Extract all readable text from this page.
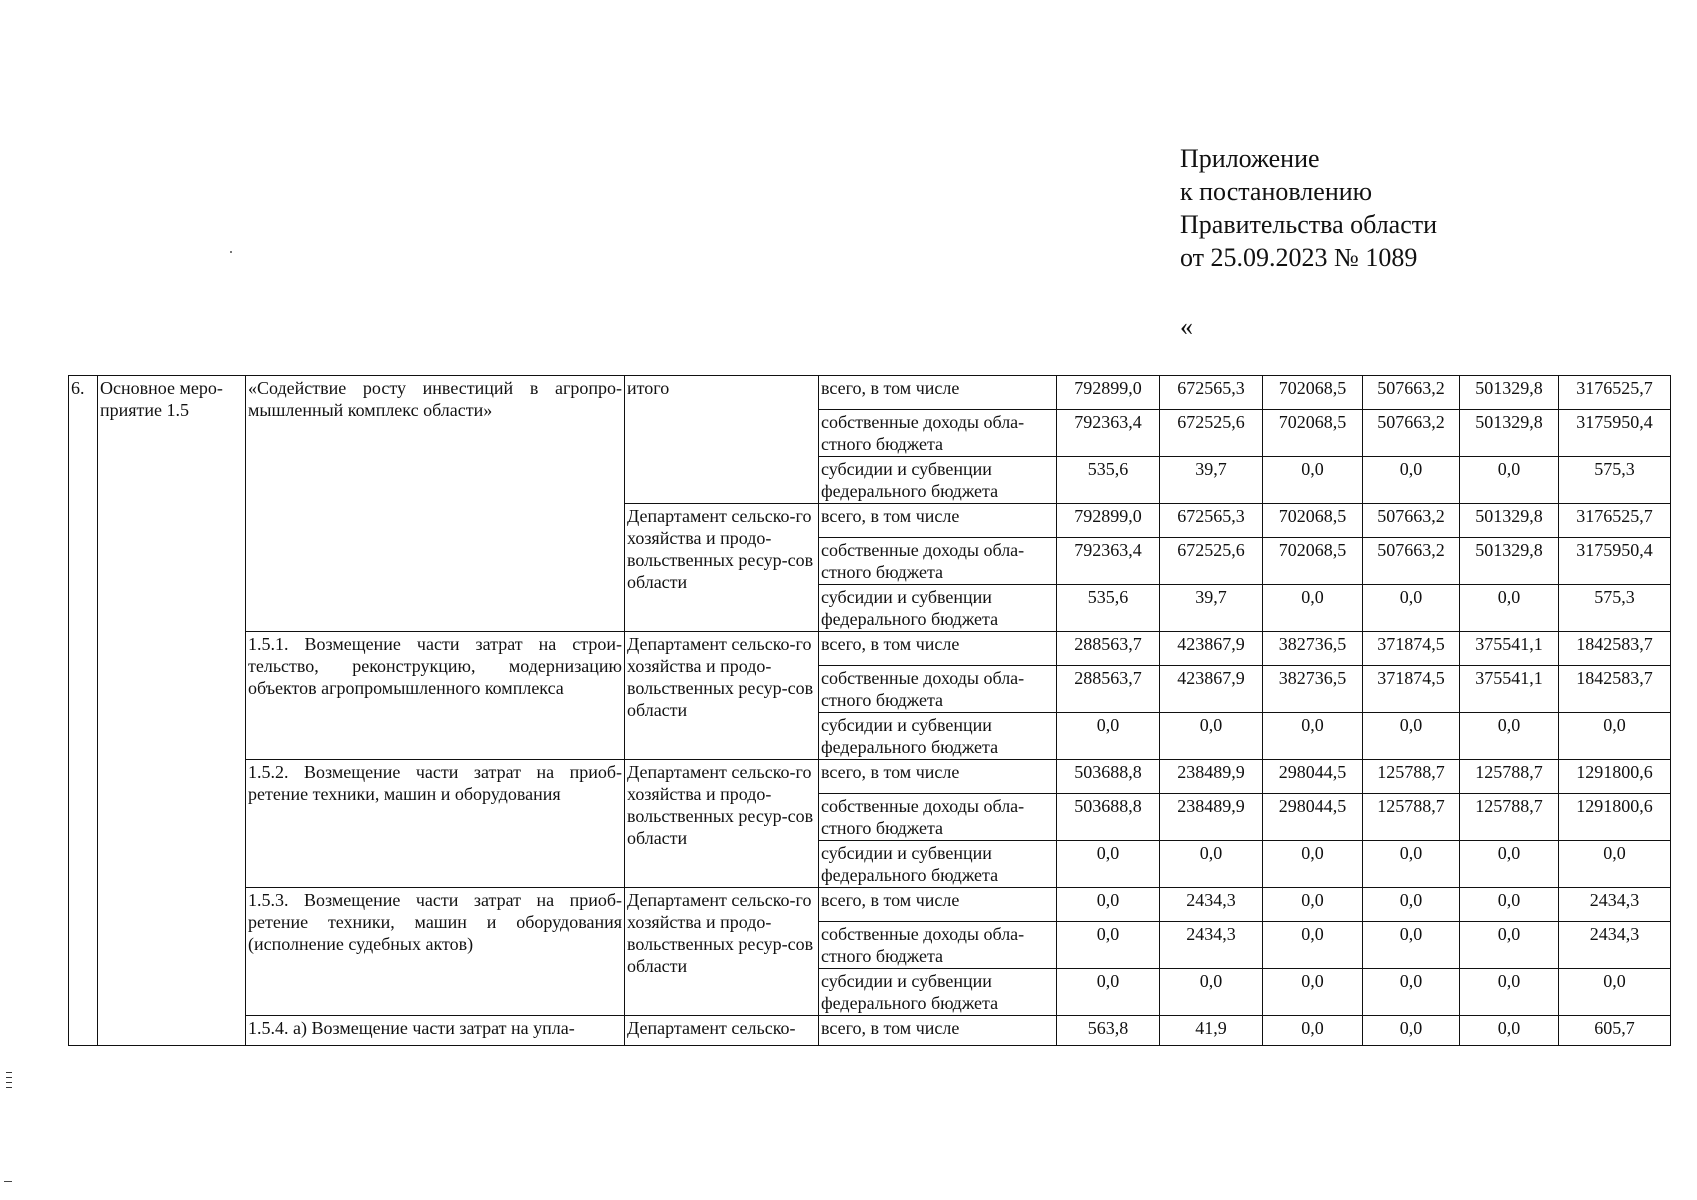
Приложение
к постановлению
Правительства области
от 25.09.2023 № 1089
«
6.	Основное меро-приятие 1.5	«Содействие росту инвестиций в агропро-мышленный комплекс области»	итого	всего, в том числе	792899,0	672565,3	702068,5	507663,2	501329,8	3176525,7
				собственные доходы обла-стного бюджета	792363,4	672525,6	702068,5	507663,2	501329,8	3175950,4
				субсидии и субвенции федерального бюджета	535,6	39,7	0,0	0,0	0,0	575,3
			Департамент сельско-го хозяйства и продо-вольственных ресур-сов области	всего, в том числе	792899,0	672565,3	702068,5	507663,2	501329,8	3176525,7
				собственные доходы обла-стного бюджета	792363,4	672525,6	702068,5	507663,2	501329,8	3175950,4
				субсидии и субвенции федерального бюджета	535,6	39,7	0,0	0,0	0,0	575,3
		1.5.1. Возмещение части затрат на строи-тельство, реконструкцию, модернизацию объектов агропромышленного комплекса	Департамент сельско-го хозяйства и продо-вольственных ресур-сов области	всего, в том числе	288563,7	423867,9	382736,5	371874,5	375541,1	1842583,7
				собственные доходы обла-стного бюджета	288563,7	423867,9	382736,5	371874,5	375541,1	1842583,7
				субсидии и субвенции федерального бюджета	0,0	0,0	0,0	0,0	0,0	0,0
		1.5.2. Возмещение части затрат на приоб-ретение техники, машин и оборудования	Департамент сельско-го хозяйства и продо-вольственных ресур-сов области	всего, в том числе	503688,8	238489,9	298044,5	125788,7	125788,7	1291800,6
				собственные доходы обла-стного бюджета	503688,8	238489,9	298044,5	125788,7	125788,7	1291800,6
				субсидии и субвенции федерального бюджета	0,0	0,0	0,0	0,0	0,0	0,0
		1.5.3. Возмещение части затрат на приоб-ретение техники, машин и оборудования (исполнение судебных актов)	Департамент сельско-го хозяйства и продо-вольственных ресур-сов области	всего, в том числе	0,0	2434,3	0,0	0,0	0,0	2434,3
				собственные доходы обла-стного бюджета	0,0	2434,3	0,0	0,0	0,0	2434,3
				субсидии и субвенции федерального бюджета	0,0	0,0	0,0	0,0	0,0	0,0
		1.5.4. а) Возмещение части затрат на упла-	Департамент сельско-	всего, в том числе	563,8	41,9	0,0	0,0	0,0	605,7
